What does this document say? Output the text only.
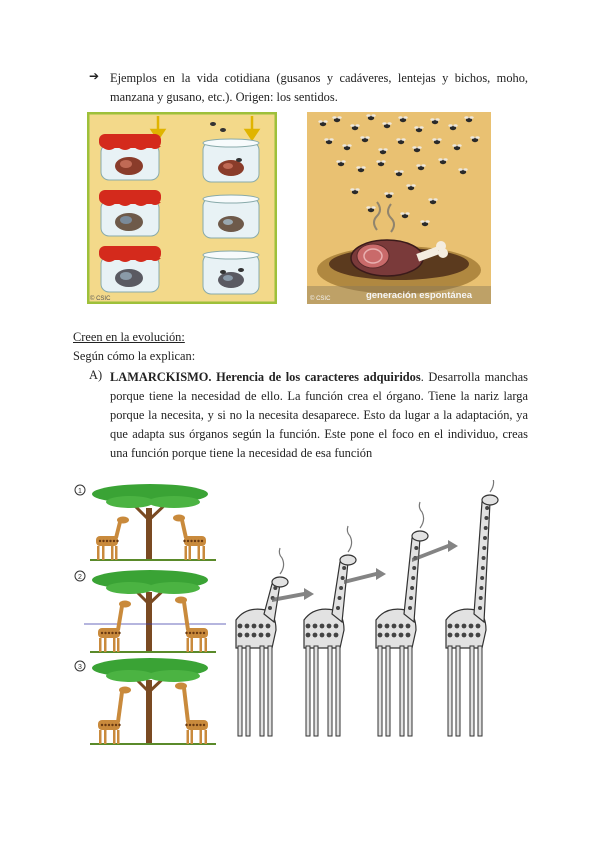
➔ Ejemplos en la vida cotidiana (gusanos y cadáveres, lentejas y bichos, moho, manzana y gusano, etc.). Origen: los sentidos.
© CSIC	generación espontánea
© CSIC
Creen en la evolución:
Según cómo la explican:
A) LAMARCKISMO. Herencia de los caracteres adquiridos. Desarrolla manchas porque tiene la necesidad de ello. La función crea el órgano. Tiene la nariz larga porque la necesita, y si no la necesita desaparece. Esto da lugar a la adaptación, ya que adapta sus órganos según la función. Este pone el foco en el individuo, creas una función porque tiene la necesidad de esa función
1
2
3
